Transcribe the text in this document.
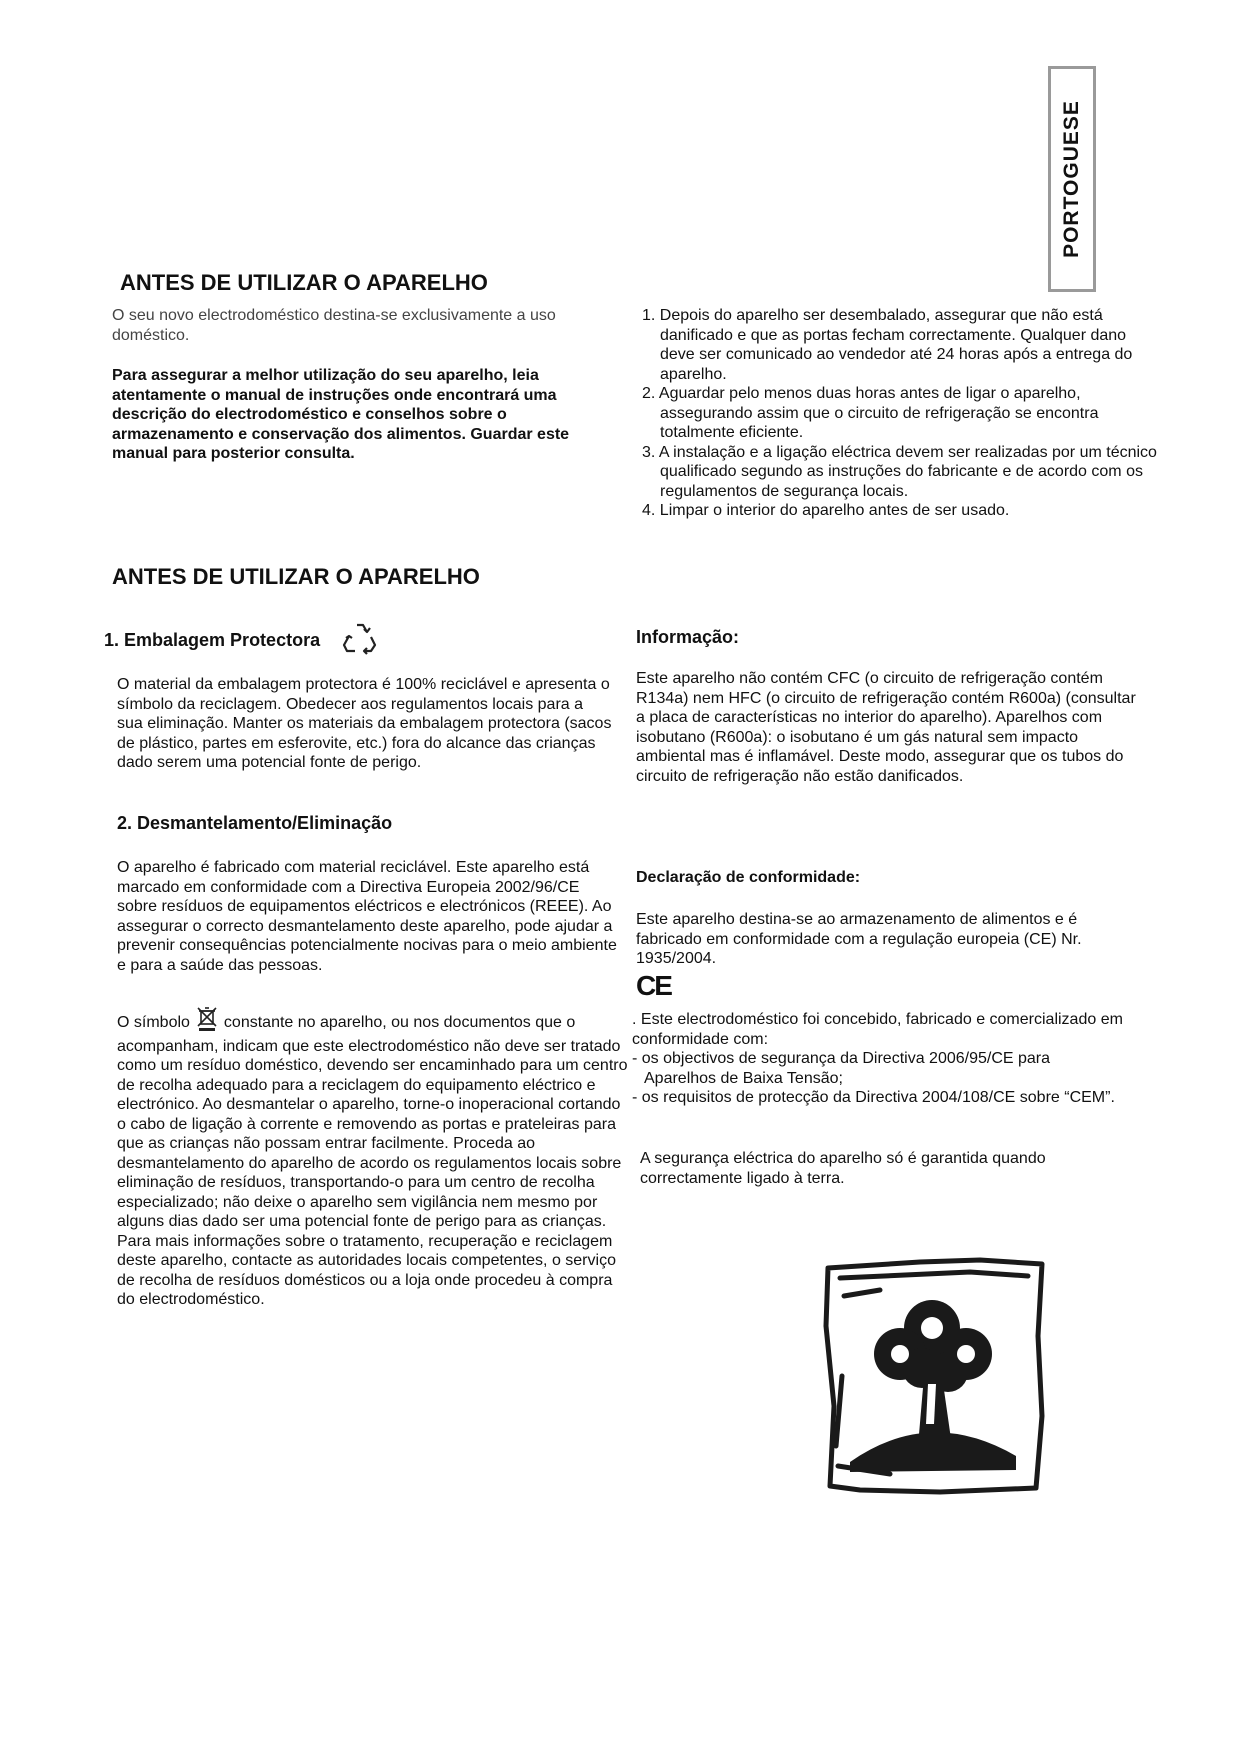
PORTOGUESE
ANTES DE UTILIZAR O APARELHO

O seu novo electrodoméstico destina-se exclusivamente a uso doméstico.

Para assegurar a melhor utilização do seu aparelho, leia atentamente o manual de instruções onde encontrará uma descrição do electrodoméstico e conselhos sobre o armazenamento e conservação dos alimentos. Guardar este manual para posterior consulta.

1. Depois do aparelho ser desembalado, assegurar que não está danificado e que as portas fecham correctamente. Qualquer dano deve ser comunicado ao vendedor até 24 horas após a entrega do aparelho.
2. Aguardar pelo menos duas horas antes de ligar o aparelho, assegurando assim que o circuito de refrigeração se encontra totalmente eficiente.
3. A instalação e a ligação eléctrica devem ser realizadas por um técnico qualificado segundo as instruções do fabricante e de acordo com os regulamentos de segurança locais.
4. Limpar o interior do aparelho antes de ser usado.
ANTES DE UTILIZAR O APARELHO
1. Embalagem Protectora

O material da embalagem protectora é 100% reciclável e apresenta o símbolo da reciclagem. Obedecer aos regulamentos locais para a sua eliminação. Manter os materiais da embalagem protectora (sacos de plástico, partes em esferovite, etc.) fora do alcance das crianças dado serem uma potencial fonte de perigo.

2. Desmantelamento/Eliminação

O aparelho é fabricado com material reciclável. Este aparelho está marcado em conformidade com a Directiva Europeia 2002/96/CE sobre resíduos de equipamentos eléctricos e electrónicos (REEE). Ao assegurar o correcto desmantelamento deste aparelho, pode ajudar a prevenir consequências potencialmente nocivas para o meio ambiente e para a saúde das pessoas.

O símbolo constante no aparelho, ou nos documentos que o acompanham, indicam que este electrodoméstico não deve ser tratado como um resíduo doméstico, devendo ser encaminhado para um centro de recolha adequado para a reciclagem do equipamento eléctrico e electrónico. Ao desmantelar o aparelho, torne-o inoperacional cortando o cabo de ligação à corrente e removendo as portas e prateleiras para que as crianças não possam entrar facilmente. Proceda ao desmantelamento do aparelho de acordo os regulamentos locais sobre eliminação de resíduos, transportando-o para um centro de recolha especializado; não deixe o aparelho sem vigilância nem mesmo por alguns dias dado ser uma potencial fonte de perigo para as crianças. Para mais informações sobre o tratamento, recuperação e reciclagem deste aparelho, contacte as autoridades locais competentes, o serviço de recolha de resíduos domésticos ou a loja onde procedeu à compra do electrodoméstico.

Informação:

Este aparelho não contém CFC (o circuito de refrigeração contém R134a) nem HFC (o circuito de refrigeração contém R600a) (consultar a placa de características no interior do aparelho). Aparelhos com isobutano (R600a): o isobutano é um gás natural sem impacto ambiental mas é inflamável. Deste modo, assegurar que os tubos do circuito de refrigeração não estão danificados.

Declaração de conformidade:

Este aparelho destina-se ao armazenamento de alimentos e é fabricado em conformidade com a regulação europeia (CE) Nr. 1935/2004.

CE

. Este electrodoméstico foi concebido, fabricado e comercializado em conformidade com:

- os objectivos de segurança da Directiva 2006/95/CE para Aparelhos de Baixa Tensão;
- os requisitos de protecção da Directiva 2004/108/CE sobre “CEM”.

A segurança eléctrica do aparelho só é garantida quando correctamente ligado à terra.
